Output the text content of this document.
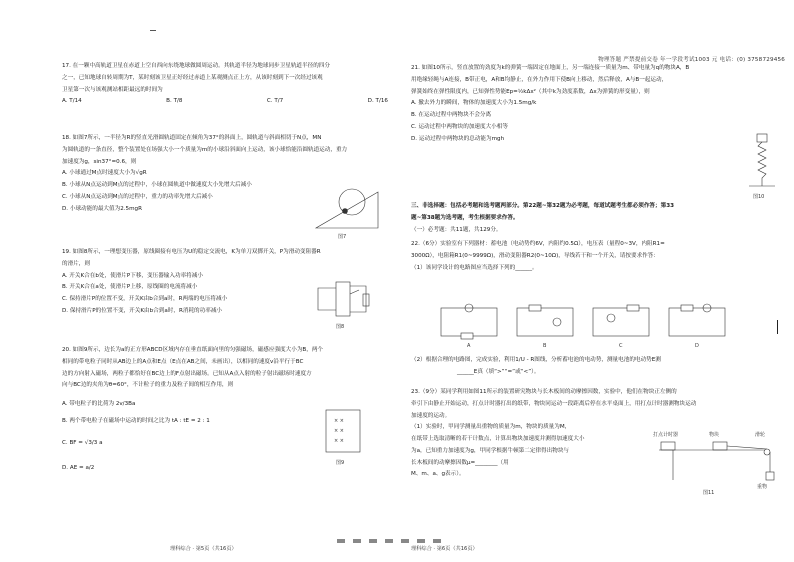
物理答题 严禁提前交卷 年一学段考试1003 元 电话：(0) 3758729456

17. 在一颗中高轨道卫星在赤道上空自西向东绕地球做圆周运动。其轨道半径为地球同步卫星轨道半径的四分

之一，已知地球自转周期为T，某时刻该卫星正好经过赤道上某观测点正上方，从该时刻到下一次经过该观

卫星第一次与该观测站相距最远的时间为

A. T/14	B. T/8	C. T/7	D. T/16

18. 如图7所示，一半径为R的竖直光滑圆轨道固定在倾角为37°的斜面上，圆轨道与斜面相切于N点，MN

为圆轨道的一条直径，整个装置处在场强大小一个质量为m的小球沿斜面向上运动，该小球恰能沿圆轨道运动，重力

加速度为g，sin37°=0.6，则

A. 小球通过M点时速度大小为√gR

B. 小球从N点运动到M点的过程中，小球在圆轨道中做速度大小先增大后减小

C. 小球从N点运动到M点的过程中，重力的功率先增大后减小

D. 小球动能的最大值为2.5mgR

图7

19. 如图8所示，一理想变压器，原线圈接有电压为U的稳定交流电，K为单刀双掷开关，P为滑动变阻器R

的滑片，则

A. 开关K合在b处，使滑片P下移，变压器输入功率将减小

B. 开关K合在a处，使滑片P上移，原线圈的电流将减小

C. 保持滑片P的位置不变，开关K由b合到a时，R两端的电压将减小

D. 保持滑片P的位置不变，开关K由b合到a时，R消耗的功率减小

图8

20. 如图9所示，边长为a的正方形ABCD区域内存在垂直纸面向里的匀强磁场，磁感应强度大小为B，两个

相同的带电粒子同时从AB边上的A点和E点（E点在AB之间，未画出），以相同的速度v沿平行于BC

边的方向射入磁场，两粒子都恰好在BC边上的F点射出磁场。已知从A点入射的粒子射出磁场时速度方

向与BC边的夹角为θ=60°，不计粒子的重力及粒子间的相互作用，则

A. 带电粒子的比荷为 2v/3Ba

B. 两个带电粒子在磁场中运动的时间之比为 tA : tE = 2 : 1

C. BF = √3/3 a

D. AE = a/2

× ×
× ×
× ×
图9
理科综合 · 第5页（共16页）

21. 如图10所示，竖直放置的劲度为k的弹簧一端固定在地面上，另一端连接一质量为m、带电量为q的物块A，B

用绝缘轻绳与A连接，B带正电，A和B均静止，在外力作用下使B向上移动，然后释放，A与B一起运动，

弹簧始终在弹性限度内，已知弹性势能Ep=½kΔx²（其中k为劲度系数，Δx为弹簧的形变量），则

A. 撤去外力的瞬间，物体的加速度大小为1.5mg/k

B. 在运动过程中两物块不会分离

C. 运动过程中两物块的加速度大小相等

D. 运动过程中两物块的总动能为mgh

图10

三、非选择题：包括必考题和选考题两部分。第22题~第32题为必考题，每道试题考生都必须作答；第33

题~第38题为选考题，考生根据要求作答。

（一）必考题：共11题，共129分。

22.（6分）实验室有下列器材：蓄电池（电动势约6V，内阻约0.5Ω），电压表（量程0~3V，内阻R1=

3000Ω），电阻箱R1(0~9999Ω)，滑动变阻器R2(0~10Ω)，导线若干和一个开关，请按要求作答：

（1）该同学设计的电路图应当选择下列的______。

A	B	C	D

（2）根据合理的电路图，完成实验，利用1/U - R图线，分析蓄电池的电动势，测量电池的电动势E测

______E真（填“>”“=”或“<”）。

23.（9分）某同学利用如图11所示的装置研究物块与长木板间的动摩擦因数，实验中，他们在物块正左侧的

牵引下由静止开始运动，打点计时器打出的纸带，物块同运动一段距离后停在水平桌面上，用打点计时器测物块运动

加速度的运动。

（1）实验时，甲同学测量出重物的质量为m，物块的质量为M，

在纸带上选取清晰的若干计数点，计算出物块加速度并测得加速度大小

为a，已知重力加速度为g，甲同学根据牛顿第二定律得出物块与

长木板间的动摩擦因数μ=________（用

M、m、a、g表示）。

打点计时器	物块	滑轮
重物
图11
理科综合 · 第6页（共16页）
